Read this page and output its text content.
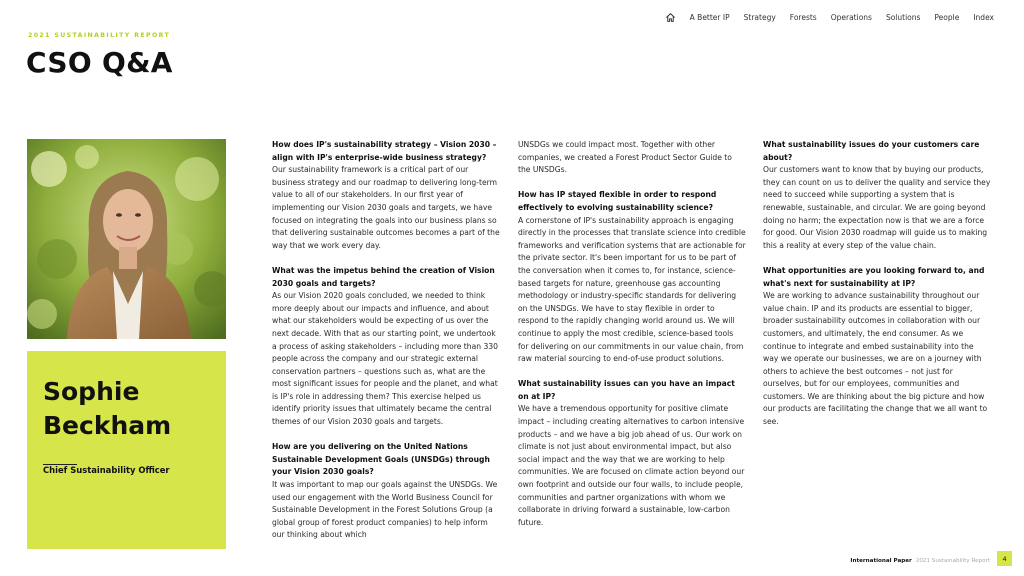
A Better IP Strategy Forests Operations Solutions People Index
2021 SUSTAINABILITY REPORT
CSO Q&A
Sophie Beckham
Chief Sustainability Officer
How does IP's sustainability strategy – Vision 2030 – align with IP's enterprise-wide business strategy?
Our sustainability framework is a critical part of our business strategy and our roadmap to delivering long-term value to all of our stakeholders. In our first year of implementing our Vision 2030 goals and targets, we have focused on integrating the goals into our business plans so that delivering sustainable outcomes becomes a part of the way that we work every day.
What was the impetus behind the creation of Vision 2030 goals and targets?
As our Vision 2020 goals concluded, we needed to think more deeply about our impacts and influence, and about what our stakeholders would be expecting of us over the next decade. With that as our starting point, we undertook a process of asking stakeholders – including more than 330 people across the company and our strategic external conservation partners – questions such as, what are the most significant issues for people and the planet, and what is IP's role in addressing them? This exercise helped us identify priority issues that ultimately became the central themes of our Vision 2030 goals and targets.
How are you delivering on the United Nations Sustainable Development Goals (UNSDGs) through your Vision 2030 goals?
It was important to map our goals against the UNSDGs. We used our engagement with the World Business Council for Sustainable Development in the Forest Solutions Group (a global group of forest product companies) to help inform our thinking about which
UNSDGs we could impact most. Together with other companies, we created a Forest Product Sector Guide to the UNSDGs.
How has IP stayed flexible in order to respond effectively to evolving sustainability science?
A cornerstone of IP's sustainability approach is engaging directly in the processes that translate science into credible frameworks and verification systems that are actionable for the private sector. It's been important for us to be part of the conversation when it comes to, for instance, science-based targets for nature, greenhouse gas accounting methodology or industry-specific standards for delivering on the UNSDGs. We have to stay flexible in order to respond to the rapidly changing world around us. We will continue to apply the most credible, science-based tools for delivering on our commitments in our value chain, from raw material sourcing to end-of-use product solutions.
What sustainability issues can you have an impact on at IP?
We have a tremendous opportunity for positive climate impact – including creating alternatives to carbon intensive products – and we have a big job ahead of us. Our work on climate is not just about environmental impact, but also social impact and the way that we are working to help communities. We are focused on climate action beyond our own footprint and outside our four walls, to include people, communities and partner organizations with whom we collaborate in driving forward a sustainable, low-carbon future.
What sustainability issues do your customers care about?
Our customers want to know that by buying our products, they can count on us to deliver the quality and service they need to succeed while supporting a system that is renewable, sustainable, and circular. We are going beyond doing no harm; the expectation now is that we are a force for good. Our Vision 2030 roadmap will guide us to making this a reality at every step of the value chain.
What opportunities are you looking forward to, and what's next for sustainability at IP?
We are working to advance sustainability throughout our value chain. IP and its products are essential to bigger, broader sustainability outcomes in collaboration with our customers, and ultimately, the end consumer. As we continue to integrate and embed sustainability into the way we operate our businesses, we are on a journey with others to achieve the best outcomes – not just for ourselves, but for our employees, communities and customers. We are thinking about the big picture and how our products are facilitating the change that we all want to see.
International Paper 2021 Sustainability Report	4
